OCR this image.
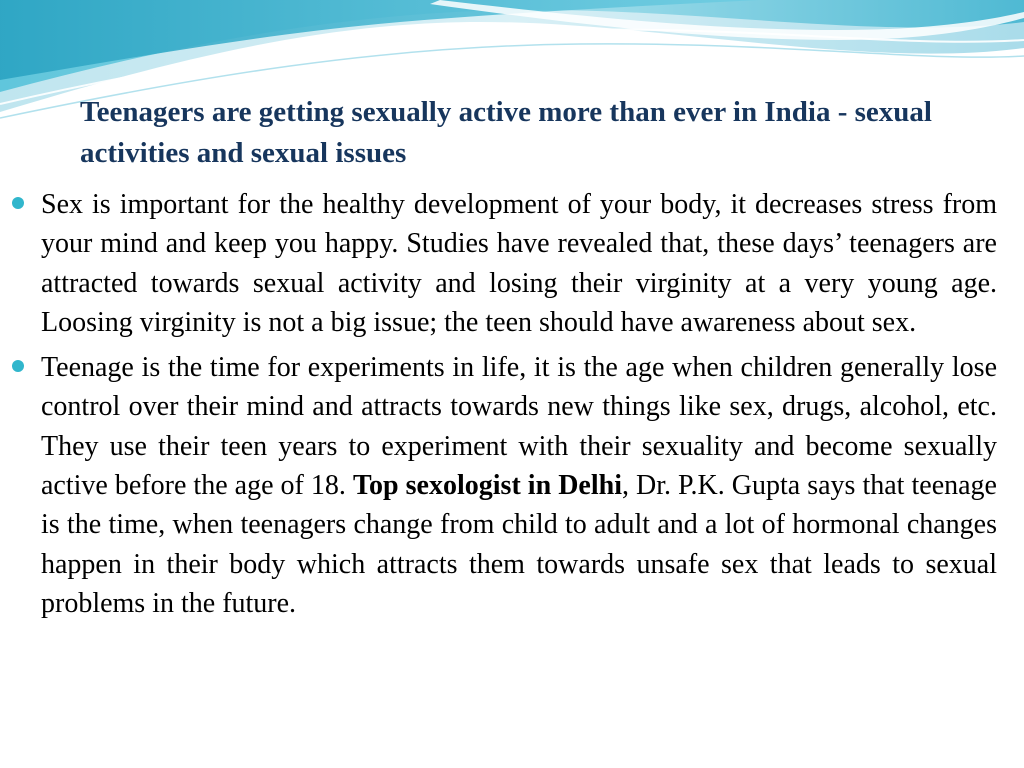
Teenagers are getting sexually active more than ever in India - sexual activities and sexual issues
Sex is important for the healthy development of your body, it decreases stress from your mind and keep you happy. Studies have revealed that, these days’ teenagers are attracted towards sexual activity and losing their virginity at a very young age. Loosing virginity is not a big issue; the teen should have awareness about sex.
Teenage is the time for experiments in life, it is the age when children generally lose control over their mind and attracts towards new things like sex, drugs, alcohol, etc. They use their teen years to experiment with their sexuality and become sexually active before the age of 18. Top sexologist in Delhi, Dr. P.K. Gupta says that teenage is the time, when teenagers change from child to adult and a lot of hormonal changes happen in their body which attracts them towards unsafe sex that leads to sexual problems in the future.
